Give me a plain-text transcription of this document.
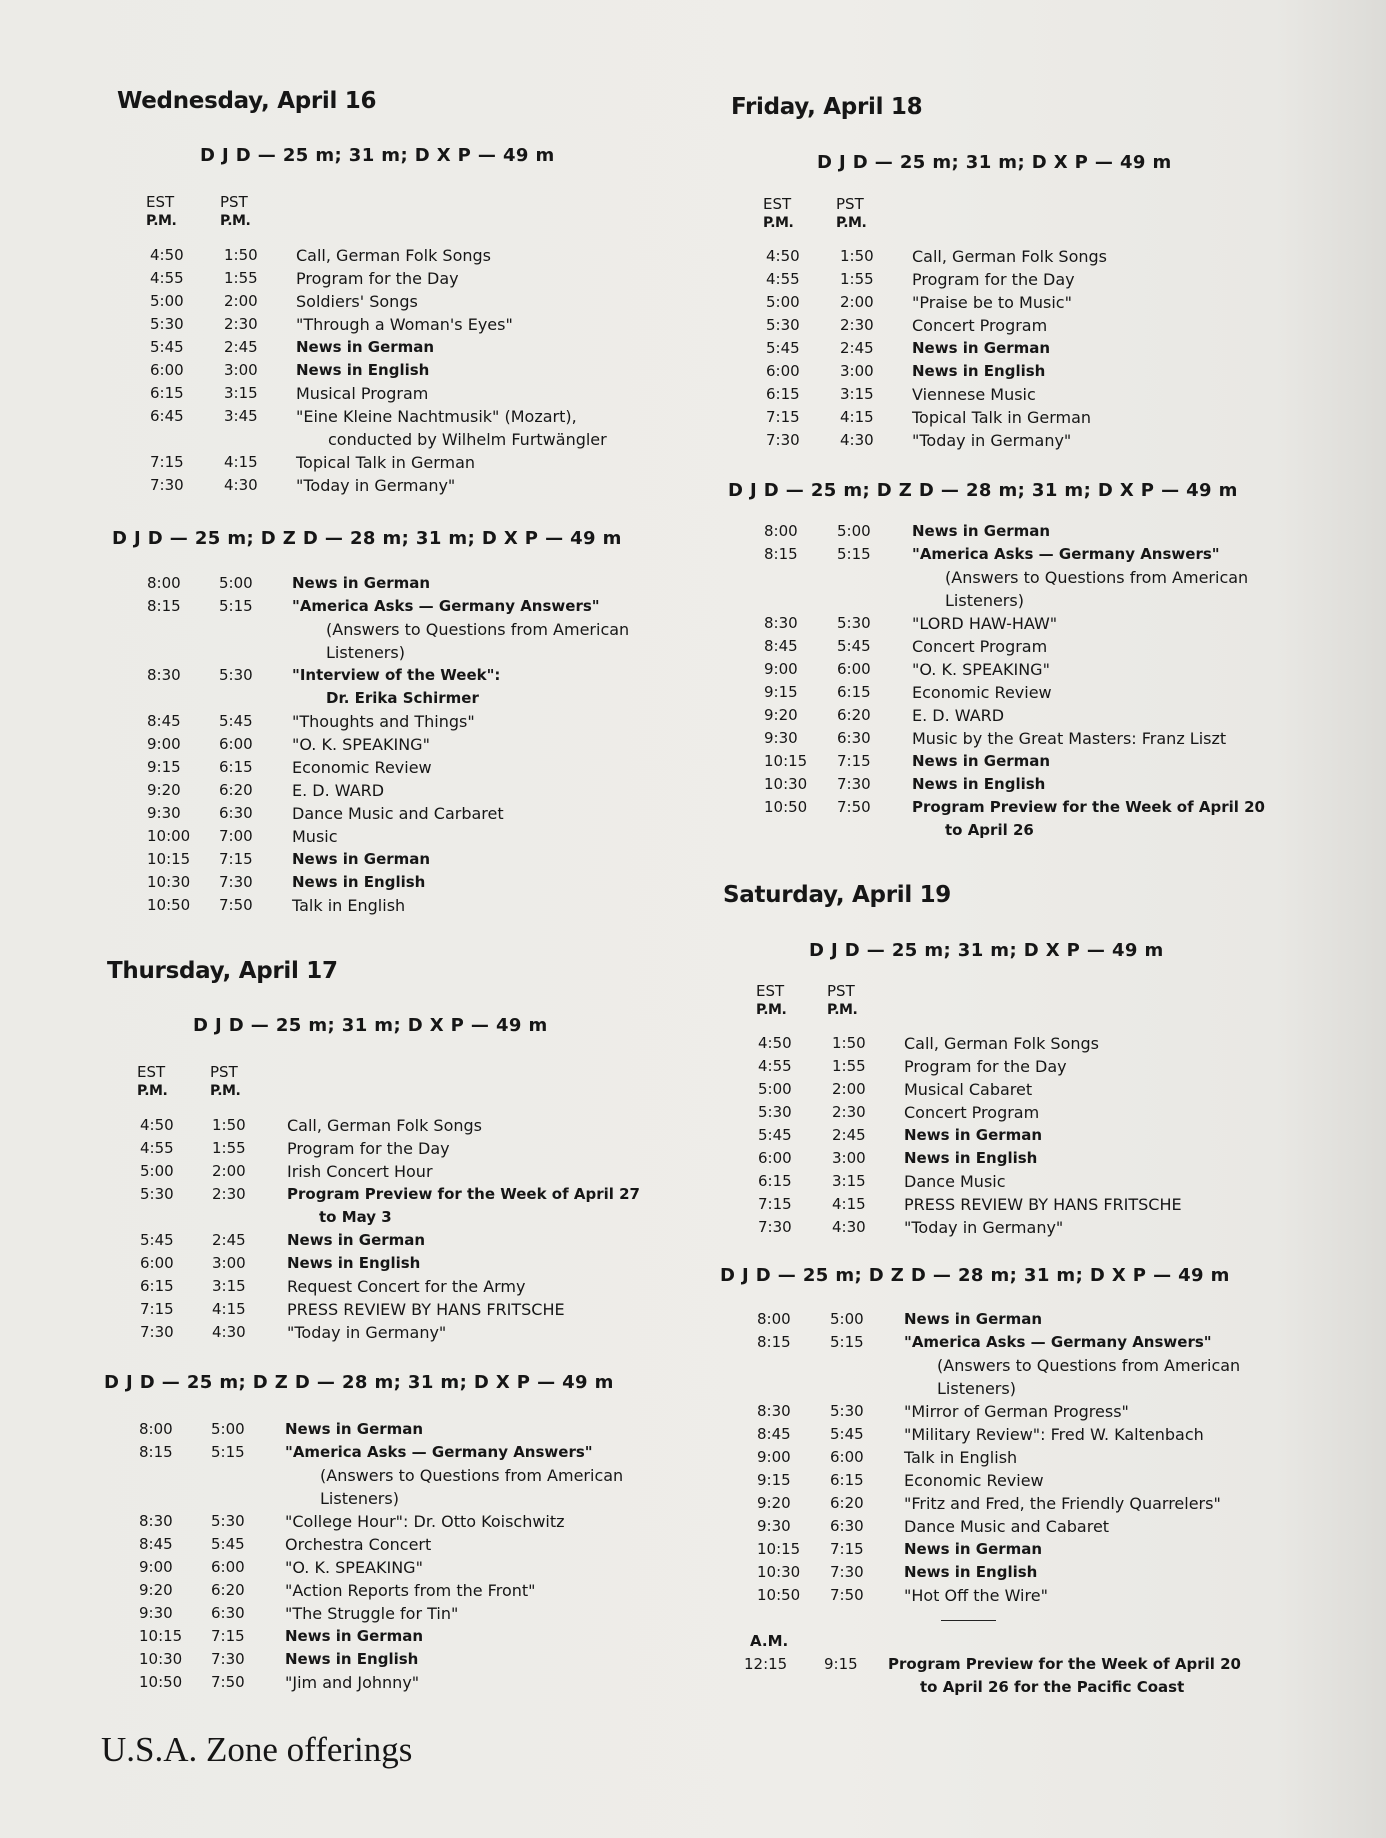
Wednesday, April 16
D J D — 25 m; 31 m; D X P — 49 m
EST
P.M.
PST
P.M.
4:50	1:50 Call, German Folk Songs
4:55	1:55 Program for the Day
5:00	2:00 Soldiers' Songs
5:30	2:30 "Through a Woman's Eyes"
5:45	2:45	News in German
6:00	3:00	News in English
6:15	3:15 Musical Program
6:45	3:45 "Eine Kleine Nachtmusik" (Mozart),
conducted by Wilhelm Furtwängler
7:15	4:15 Topical Talk in German
7:30	4:30 "Today in Germany"
D J D — 25 m; D Z D — 28 m; 31 m; D X P — 49 m
8:00	5:00	News in German
8:15	5:15	"America Asks — Germany Answers"
(Answers to Questions from American
Listeners)
8:30	5:30	"Interview of the Week":
Dr. Erika Schirmer
8:45	5:45 "Thoughts and Things"
9:00	6:00 "O. K. SPEAKING"
9:15	6:15 Economic Review
9:20	6:20 E. D. WARD
9:30	6:30 Dance Music and Carbaret
10:00 7:00 Music
10:15 7:15	News in German
10:30 7:30	News in English
10:50 7:50 Talk in English
Thursday, April 17
D J D — 25 m; 31 m; D X P — 49 m
EST
P.M.
PST
P.M.
4:50	1:50	Call, German Folk Songs
4:55	1:55	Program for the Day
5:00	2:00	Irish Concert Hour
5:30	2:30	Program Preview for the Week of April 27
to May 3
5:45	2:45	News in German
6:00	3:00	News in English
6:15	3:15	Request Concert for the Army
7:15	4:15	PRESS REVIEW BY HANS FRITSCHE
7:30	4:30	"Today in Germany"
D J D — 25 m; D Z D — 28 m; 31 m; D X P — 49 m
8:00	5:00	News in German
8:15	5:15	"America Asks — Germany Answers"
(Answers to Questions from American
Listeners)
8:30	5:30	"College Hour": Dr. Otto Koischwitz
8:45	5:45	Orchestra Concert
9:00	6:00	"O. K. SPEAKING"
9:20	6:20	"Action Reports from the Front"
9:30	6:30	"The Struggle for Tin"
10:15 7:15	News in German
10:30 7:30	News in English
10:50 7:50	"Jim and Johnny"
U.S.A. Zone offerings
Friday, April 18
D J D — 25 m; 31 m; D X P — 49 m
EST
P.M.
PST
P.M.
4:50	1:50 Call, German Folk Songs
4:55	1:55 Program for the Day
5:00	2:00 "Praise be to Music"
5:30	2:30 Concert Program
5:45	2:45	News in German
6:00	3:00	News in English
6:15	3:15 Viennese Music
7:15	4:15 Topical Talk in German
7:30	4:30 "Today in Germany"
D J D — 25 m; D Z D — 28 m; 31 m; D X P — 49 m
8:00	5:00	News in German
8:15	5:15	"America Asks — Germany Answers"
(Answers to Questions from American
Listeners)
8:30	5:30	"LORD HAW-HAW"
8:45	5:45	Concert Program
9:00	6:00	"O. K. SPEAKING"
9:15	6:15	Economic Review
9:20	6:20	E. D. WARD
9:30	6:30	Music by the Great Masters: Franz Liszt
10:15 7:15	News in German
10:30 7:30	News in English
10:50 7:50	Program Preview for the Week of April 20
to April 26
Saturday, April 19
D J D — 25 m; 31 m; D X P — 49 m
EST
P.M.
PST
P.M.
4:50	1:50 Call, German Folk Songs
4:55	1:55 Program for the Day
5:00	2:00 Musical Cabaret
5:30	2:30 Concert Program
5:45	2:45	News in German
6:00	3:00	News in English
6:15	3:15 Dance Music
7:15	4:15 PRESS REVIEW BY HANS FRITSCHE
7:30	4:30 "Today in Germany"
D J D — 25 m; D Z D — 28 m; 31 m; D X P — 49 m
8:00	5:00	News in German
8:15	5:15	"America Asks — Germany Answers"
(Answers to Questions from American
Listeners)
8:30	5:30	"Mirror of German Progress"
8:45	5:45	"Military Review": Fred W. Kaltenbach
9:00	6:00	Talk in English
9:15	6:15	Economic Review
9:20	6:20	"Fritz and Fred, the Friendly Quarrelers"
9:30	6:30	Dance Music and Cabaret
10:15 7:15	News in German
10:30 7:30	News in English
10:50 7:50	"Hot Off the Wire"
A.M.
12:15 9:15 Program Preview for the Week of April 20
to April 26 for the Pacific Coast
